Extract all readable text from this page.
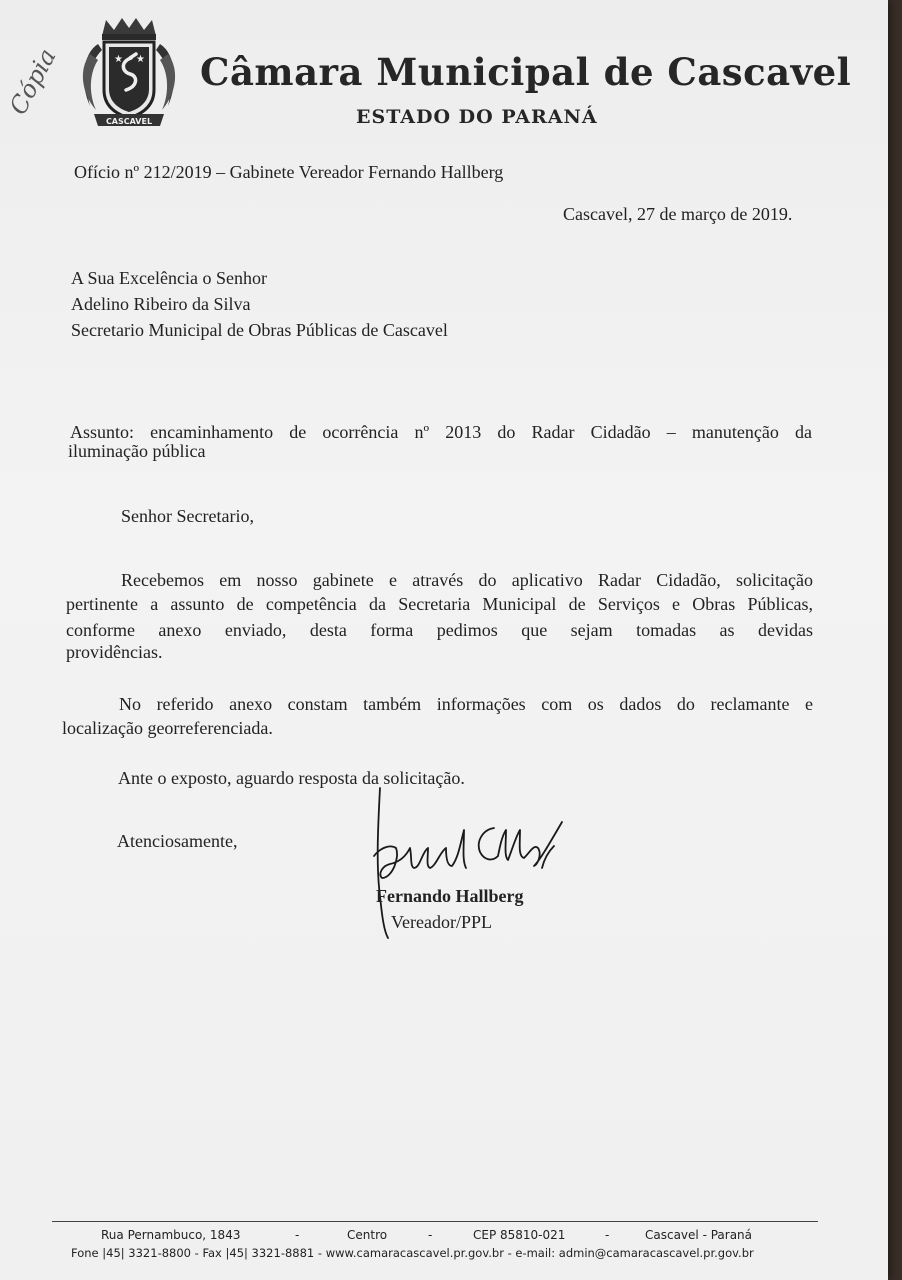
★ ★
CASCAVEL
Câmara Municipal de Cascavel
ESTADO DO PARANÁ
Cópia
Ofício nº 212/2019 – Gabinete Vereador Fernando Hallberg
Cascavel, 27 de março de 2019.
A Sua Excelência o Senhor
Adelino Ribeiro da Silva
Secretario Municipal de Obras Públicas de Cascavel
Assunto: encaminhamento de ocorrência nº 2013 do Radar Cidadão – manutenção da
iluminação pública
Senhor Secretario,
Recebemos em nosso gabinete e através do aplicativo Radar Cidadão, solicitação
pertinente a assunto de competência da Secretaria Municipal de Serviços e Obras Públicas,
conforme anexo enviado, desta forma pedimos que sejam tomadas as devidas
providências.
No referido anexo constam também informações com os dados do reclamante e
localização georreferenciada.
Ante o exposto, aguardo resposta da solicitação.
Atenciosamente,
Fernando Hallberg
Vereador/PPL
Rua Pernambuco, 1843	-	Centro	-	CEP 85810-021	-	Cascavel - Paraná
Fone |45| 3321-8800 - Fax |45| 3321-8881 - www.camaracascavel.pr.gov.br - e-mail: admin@camaracascavel.pr.gov.br
